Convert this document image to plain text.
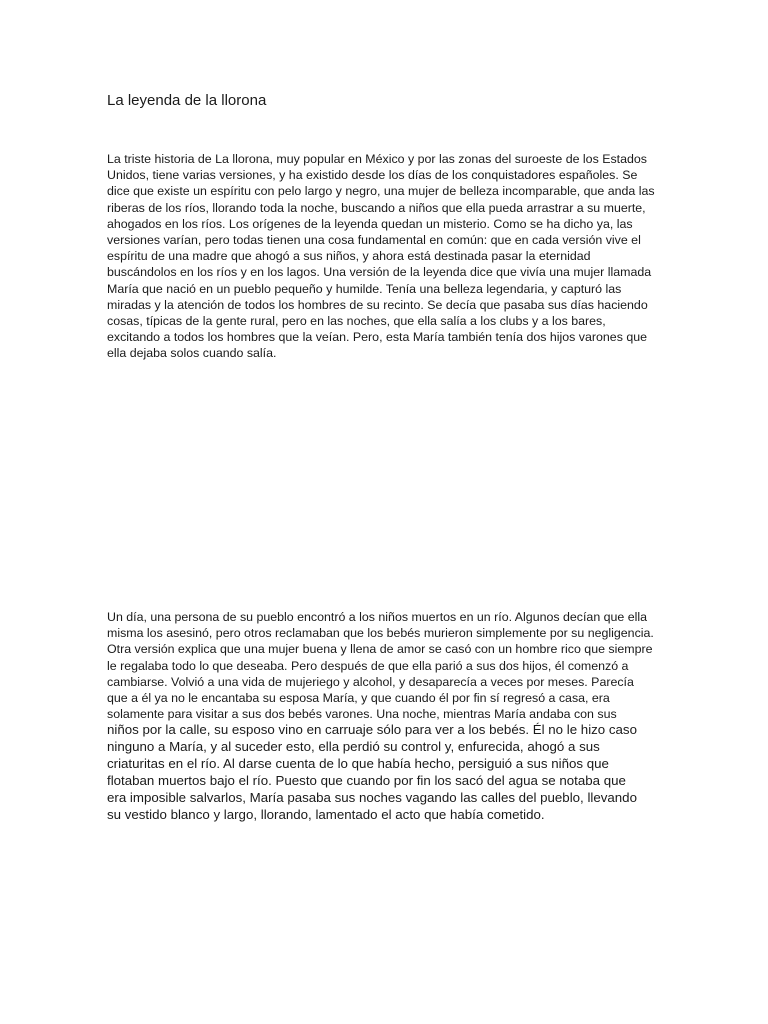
La leyenda de la llorona
La triste historia de La llorona, muy popular en México y por las zonas del suroeste de los Estados
Unidos, tiene varias versiones, y ha existido desde los días de los conquistadores españoles. Se
dice que existe un espíritu con pelo largo y negro, una mujer de belleza incomparable, que anda las
riberas de los ríos, llorando toda la noche, buscando a niños que ella pueda arrastrar a su muerte,
ahogados en los ríos. Los orígenes de la leyenda quedan un misterio. Como se ha dicho ya, las
versiones varían, pero todas tienen una cosa fundamental en común: que en cada versión vive el
espíritu de una madre que ahogó a sus niños, y ahora está destinada pasar la eternidad
buscándolos en los ríos y en los lagos. Una versión de la leyenda dice que vivía una mujer llamada
María que nació en un pueblo pequeño y humilde. Tenía una belleza legendaria, y capturó las
miradas y la atención de todos los hombres de su recinto. Se decía que pasaba sus días haciendo
cosas, típicas de la gente rural, pero en las noches, que ella salía a los clubs y a los bares,
excitando a todos los hombres que la veían. Pero, esta María también tenía dos hijos varones que
ella dejaba solos cuando salía.
Un día, una persona de su pueblo encontró a los niños muertos en un río. Algunos decían que ella
misma los asesinó, pero otros reclamaban que los bebés murieron simplemente por su negligencia.
Otra versión explica que una mujer buena y llena de amor se casó con un hombre rico que siempre
le regalaba todo lo que deseaba. Pero después de que ella parió a sus dos hijos, él comenzó a
cambiarse. Volvió a una vida de mujeriego y alcohol, y desaparecía a veces por meses. Parecía
que a él ya no le encantaba su esposa María, y que cuando él por fin sí regresó a casa, era
solamente para visitar a sus dos bebés varones. Una noche, mientras María andaba con sus
niños por la calle, su esposo vino en carruaje sólo para ver a los bebés. Él no le hizo caso
ninguno a María, y al suceder esto, ella perdió su control y, enfurecida, ahogó a sus
criaturitas en el río. Al darse cuenta de lo que había hecho, persiguió a sus niños que
flotaban muertos bajo el río. Puesto que cuando por fin los sacó del agua se notaba que
era imposible salvarlos, María pasaba sus noches vagando las calles del pueblo, llevando
su vestido blanco y largo, llorando, lamentado el acto que había cometido.
